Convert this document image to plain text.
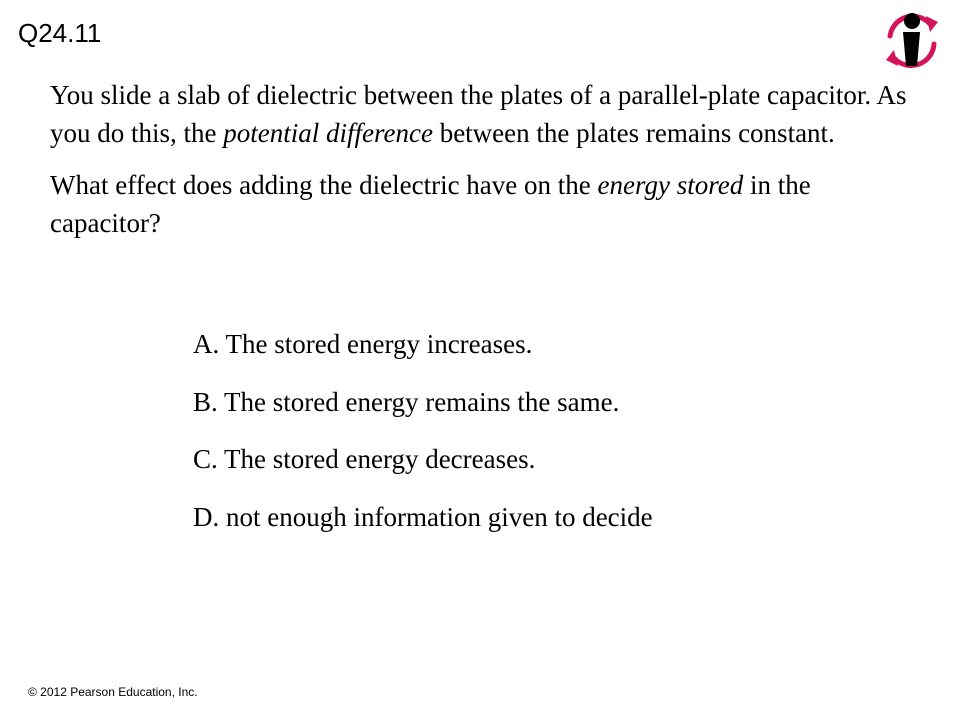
Q24.11

You slide a slab of dielectric between the plates of a parallel-plate capacitor. As you do this, the potential difference between the plates remains constant.

What effect does adding the dielectric have on the energy stored in the capacitor?

A. The stored energy increases.
B. The stored energy remains the same.
C. The stored energy decreases.
D. not enough information given to decide
© 2012 Pearson Education, Inc.
